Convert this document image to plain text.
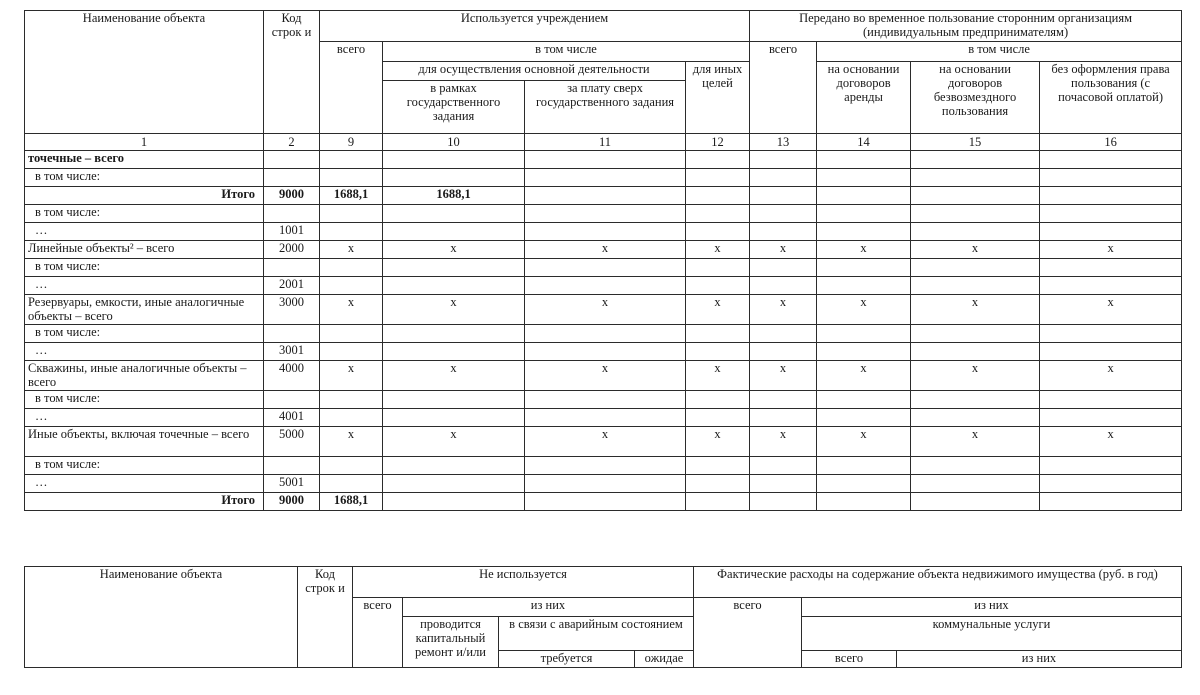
Наименование объекта	Код строк и	Используется учреждением				Передано во временное пользование сторонним организациям (индивидуальным предпринимателям)			
		всего	в том числе			всего	в том числе		
			для осуществления основной деятельности		для иных целей		на основании договоров аренды	на основании договоров безвозмездного пользования	без оформления права пользования (с почасовой оплатой)
			в рамках государственного задания	за плату сверх государственного задания					
1	2	9	10	11	12	13	14	15	16
точечные – всего									
в том числе:									
Итого	9000	1688,1	1688,1						
в том числе:									
…	1001								
Линейные объекты² – всего	2000	x	x	x	x	x	x	x	x
в том числе:									
…	2001								
Резервуары, емкости, иные аналогичные объекты – всего	3000	x	x	x	x	x	x	x	x
в том числе:									
…	3001								
Скважины, иные аналогичные объекты – всего	4000	x	x	x	x	x	x	x	x
в том числе:									
…	4001								
Иные объекты, включая точечные – всего	5000	x	x	x	x	x	x	x	x
в том числе:									
…	5001								
Итого	9000	1688,1							
Наименование объекта	Код строк и	Не используется				Фактические расходы на содержание объекта недвижимого имущества (руб. в год)		
		всего	из них			всего	из них	
			проводится капитальный ремонт и/или	в связи с аварийным состоянием			коммунальные услуги	
				требуется	ожидае		всего	из них
